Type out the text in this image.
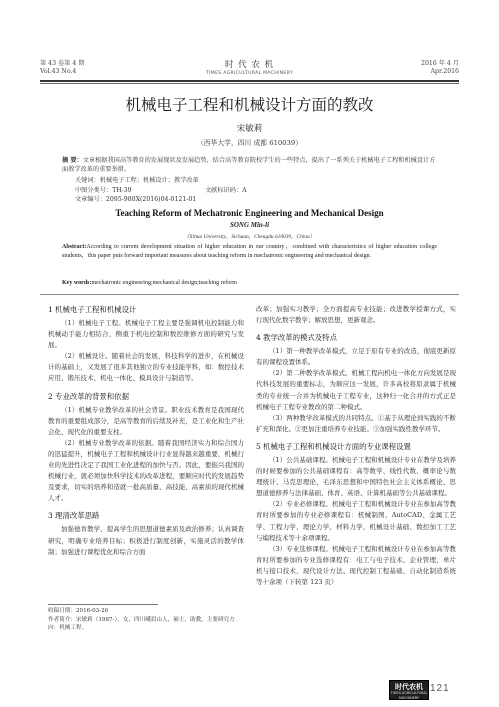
第 43 卷第 4 期
Vol.43 No.4
时 代 农 机
TIMES AGRICULTURAL MACHINERY
2016 年 4 月
Apr.2016
机械电子工程和机械设计方面的教改
宋敏莉
（西华大学，四川 成都 610039）
摘 要：文章根据我国高等教育的发展现状及发展趋势，结合高等教育院校学生的一些特点，提出了一系列关于机械电子工程和机械设计方面教学改革的重要举措。
关键词：机械电子工程；机械设计；教学改革
中图分类号：TH-39	文献标识码：A文章编号：2095-980X(2016)04-0121-01
Teaching Reform of Mechatronic Engineering and Mechanical Design
SONG Min-li
（Xihua University，Sichuan，Chengdu 610039，China）
Abstract:According to current development situation of higher education in our country，combined with characteristics of higher education college students，this paper puts forward important measures about teaching reform in mechatronic engineering and mechanical design.
Key words:mechatronic engineering;mechanical design;teaching reform
1 机械电子工程和机械设计

（1）机械电子工程。机械电子工程主要是强调机电控制能力和机械动手能力相结合，侧重于机电控制和数控维修方面的研究与发展。

（2）机械设计。随着社会的发展，科技科学的进步，在机械设计的基础上，又发展了很多其他独立的专业技能学科，如：数控技术应用、锻压技术、机电一体化、模具设计与制造等。

2 专业改革的背景和依据

（1）机械专业教学改革的社会背景。职业技术教育是我国现代教育的重要组成部分，是高等教育的后续及补充，是工业化和生产社会化、现代化的重要支柱。

（2）机械专业教学改革的依据。随着我国经济实力和综合国力的迅猛提升，机械电子工程和机械设计行业显得越来越重要，机械行业的先进性决定了我国工业化进程的加快与否。因此，要振兴我国的机械行业，就必须加快科学技术的改革进程，要顺应时代的发展趋势及要求，切实的培养和造就一批高质量、高技能、高素质的现代机械人才。

3 理清改革思路

加强德育教学，提高学生的思想道德素质及政治修养；认真调查研究，明确专业培养目标；积极进行制度创新，实施灵活的教学体制；加强进行课程优化和综合方面

收稿日期：2016-03-26
作者简介：宋敏莉（1987-），女，四川峨眉山人，硕士，助教，主要研究方向：机械工程。

改革；加强实习教学；全方面提高专业技能；改进教学授课方式，实行现代化数字教学；解放思想，更新观念。

4 教学改革的模式及特点

（1）第一种教学改革模式，立足于原有专业的改造，彻底更新原有的课程设置体系。

（2）第二种教学改革模式。机械工程向机电一体化方向发展是现代科技发展的重要标志，为顺应这一发展，许多高校将原隶属于机械类的专业统一合并为机械电子工程专业，这种归一化合并的方式正是机械电子工程专业教改的第二种模式。

（3）两种教学改革模式的共同特点。①基于从理论到实践的不断扩充和深化。②更加注重培养专业技能。③加强实践性教学环节。

5 机械电子工程和机械设计方面的专业课程设置

（1）公共基础课程。机械电子工程和机械设计专业在教学及培养的时候要参加的公共基础课程有：高等数学、线性代数、概率论与数理统计、马克思理论、毛泽东思想和中国特色社会主义体系概论、思想道德修养与法律基础、体育、英语、计算机基础等公共基础课程。

（2）专业必修课程。机械电子工程和机械设计专业在参加高等教育时所要参加的专业必修课程有：机械制图、AutoCAD、金属工艺学、工程力学、理论力学、材料力学、机械设计基础、数控加工工艺与编程技术等十余项课程。

（3）专业选修课程。机械电子工程和机械设计专业在参加高等教育时所要参加的专业选修课程有：电工与电子技术、企业管理、单片机与接口技术、现代设计方法、现代控制工程基础、自动化制造系统等十余项（下转第 123 页）

时代农机
TIMES AGRICULTURAL MACHINERY
121
